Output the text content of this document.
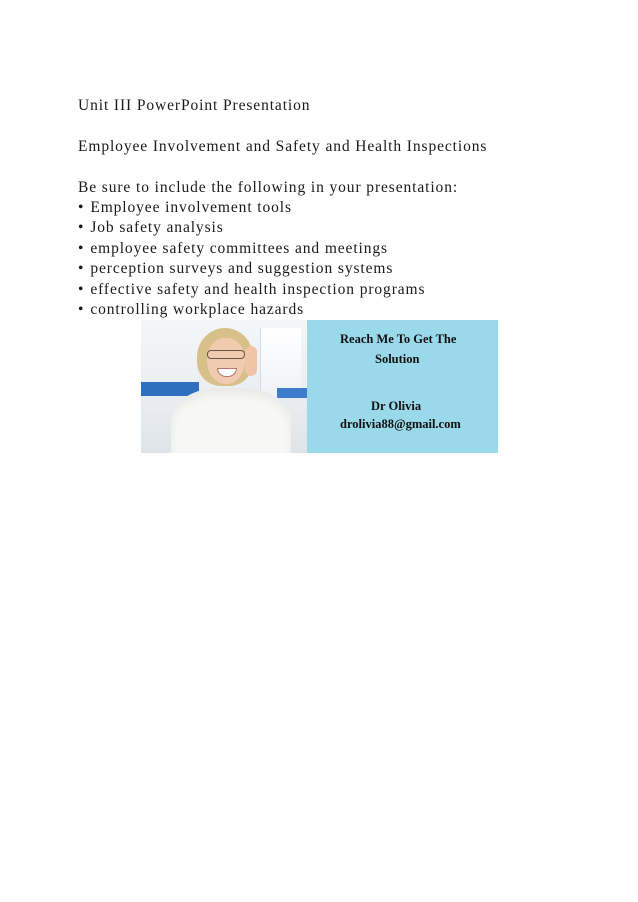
Unit III PowerPoint Presentation
Employee Involvement and Safety and Health Inspections
Be sure to include the following in your presentation:
• Employee involvement tools
• Job safety analysis
• employee safety committees and meetings
• perception surveys and suggestion systems
• effective safety and health inspection programs
• controlling workplace hazards
Reach Me To Get The
Solution
Dr Olivia
drolivia88@gmail.com
